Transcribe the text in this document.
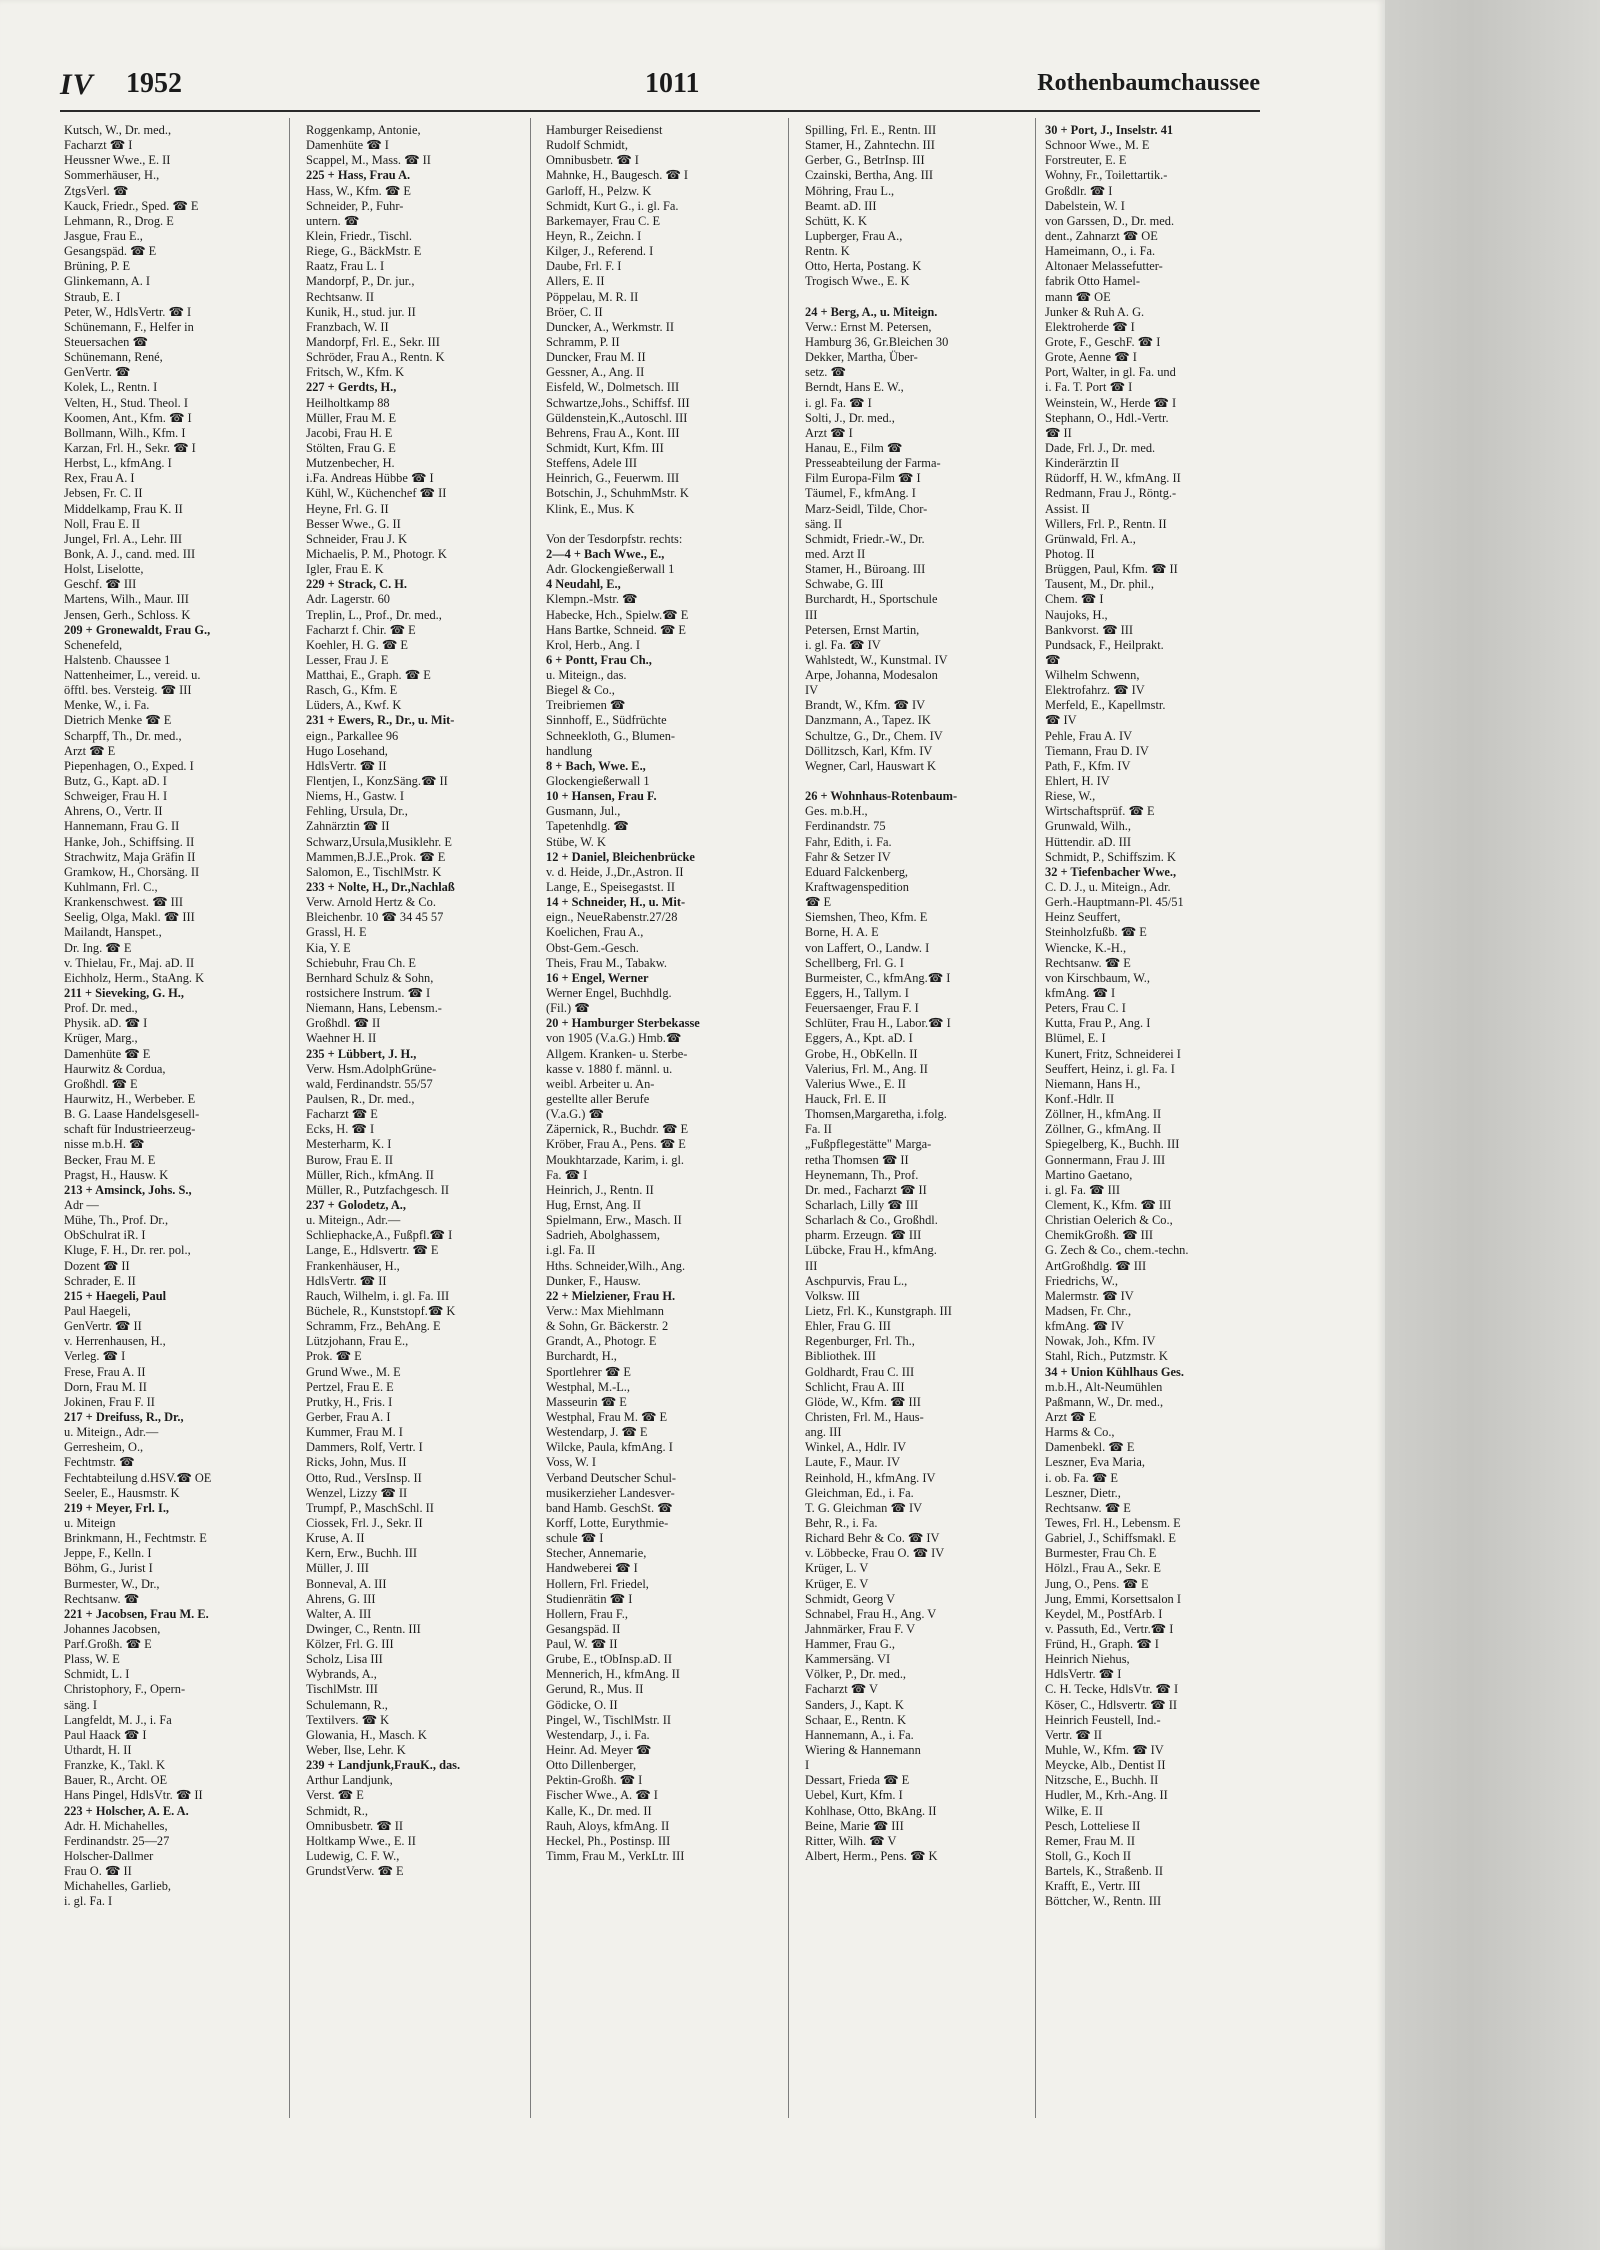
IV 1952	1011	Rothenbaumchaussee
Kutsch, W., Dr. med.,
Facharzt ☎ I
Heussner Wwe., E. II
Sommerhäuser, H.,
ZtgsVerl. ☎
Kauck, Friedr., Sped. ☎ E
Lehmann, R., Drog. E
Jasgue, Frau E.,
Gesangspäd. ☎ E
Brüning, P. E
Glinkemann, A. I
Straub, E. I
Peter, W., HdlsVertr. ☎ I
Schünemann, F., Helfer in
Steuersachen ☎
Schünemann, René,
GenVertr. ☎
Kolek, L., Rentn. I
Velten, H., Stud. Theol. I
Koomen, Ant., Kfm. ☎ I
Bollmann, Wilh., Kfm. I
Karzan, Frl. H., Sekr. ☎ I
Herbst, L., kfmAng. I
Rex, Frau A. I
Jebsen, Fr. C. II
Middelkamp, Frau K. II
Noll, Frau E. II
Jungel, Frl. A., Lehr. III
Bonk, A. J., cand. med. III
Holst, Liselotte,
Geschf. ☎ III
Martens, Wilh., Maur. III
Jensen, Gerh., Schloss. K
209 + Gronewaldt, Frau G.,
Schenefeld,
Halstenb. Chaussee 1
Nattenheimer, L., vereid. u.
öfftl. bes. Versteig. ☎ III
Menke, W., i. Fa.
Dietrich Menke ☎ E
Scharpff, Th., Dr. med.,
Arzt ☎ E
Piepenhagen, O., Exped. I
Butz, G., Kapt. aD. I
Schweiger, Frau H. I
Ahrens, O., Vertr. II
Hannemann, Frau G. II
Hanke, Joh., Schiffsing. II
Strachwitz, Maja Gräfin II
Gramkow, H., Chorsäng. II
Kuhlmann, Frl. C.,
Krankenschwest. ☎ III
Seelig, Olga, Makl. ☎ III
Mailandt, Hanspet.,
Dr. Ing. ☎ E
v. Thielau, Fr., Maj. aD. II
Eichholz, Herm., StaAng. K
211 + Sieveking, G. H.,
Prof. Dr. med.,
Physik. aD. ☎ I
Krüger, Marg.,
Damenhüte ☎ E
Haurwitz & Cordua,
Großhdl. ☎ E
Haurwitz, H., Werbeber. E
B. G. Laase Handelsgesell-
schaft für Industrieerzeug-
nisse m.b.H. ☎
Becker, Frau M. E
Pragst, H., Hausw. K
213 + Amsinck, Johs. S.,
Adr —
Mühe, Th., Prof. Dr.,
ObSchulrat iR. I
Kluge, F. H., Dr. rer. pol.,
Dozent ☎ II
Schrader, E. II
215 + Haegeli, Paul
Paul Haegeli,
GenVertr. ☎ II
v. Herrenhausen, H.,
Verleg. ☎ I
Frese, Frau A. II
Dorn, Frau M. II
Jokinen, Frau F. II
217 + Dreifuss, R., Dr.,
u. Miteign., Adr.—
Gerresheim, O.,
Fechtmstr. ☎
Fechtabteilung d.HSV.☎ OE
Seeler, E., Hausmstr. K
219 + Meyer, Frl. I.,
u. Miteign
Brinkmann, H., Fechtmstr. E
Jeppe, F., Kelln. I
Böhm, G., Jurist I
Burmester, W., Dr.,
Rechtsanw. ☎
221 + Jacobsen, Frau M. E.
Johannes Jacobsen,
Parf.Großh. ☎ E
Plass, W. E
Schmidt, L. I
Christophory, F., Opern-
säng. I
Langfeldt, M. J., i. Fa
Paul Haack ☎ I
Uthardt, H. II
Franzke, K., Takl. K
Bauer, R., Archt. OE
Hans Pingel, HdlsVtr. ☎ II
223 + Holscher, A. E. A.
Adr. H. Michahelles,
Ferdinandstr. 25—27
Holscher-Dallmer
Frau O. ☎ II
Michahelles, Garlieb,
i. gl. Fa. I
Roggenkamp, Antonie,
Damenhüte ☎ I
Scappel, M., Mass. ☎ II
225 + Hass, Frau A.
Hass, W., Kfm. ☎ E
Schneider, P., Fuhr-
untern. ☎
Klein, Friedr., Tischl.
Riege, G., BäckMstr. E
Raatz, Frau L. I
Mandorpf, P., Dr. jur.,
Rechtsanw. II
Kunik, H., stud. jur. II
Franzbach, W. II
Mandorpf, Frl. E., Sekr. III
Schröder, Frau A., Rentn. K
Fritsch, W., Kfm. K
227 + Gerdts, H.,
Heilholtkamp 88
Müller, Frau M. E
Jacobi, Frau H. E
Stölten, Frau G. E
Mutzenbecher, H.
i.Fa. Andreas Hübbe ☎ I
Kühl, W., Küchenchef ☎ II
Heyne, Frl. G. II
Besser Wwe., G. II
Schneider, Frau J. K
Michaelis, P. M., Photogr. K
Igler, Frau E. K
229 + Strack, C. H.
Adr. Lagerstr. 60
Treplin, L., Prof., Dr. med.,
Facharzt f. Chir. ☎ E
Koehler, H. G. ☎ E
Lesser, Frau J. E
Matthai, E., Graph. ☎ E
Rasch, G., Kfm. E
Lüders, A., Kwf. K
231 + Ewers, R., Dr., u. Mit-
eign., Parkallee 96
Hugo Losehand,
HdlsVertr. ☎ II
Flentjen, I., KonzSäng.☎ II
Niems, H., Gastw. I
Fehling, Ursula, Dr.,
Zahnärztin ☎ II
Schwarz,Ursula,Musiklehr. E
Mammen,B.J.E.,Prok. ☎ E
Salomon, E., TischlMstr. K
233 + Nolte, H., Dr.,Nachlaß
Verw. Arnold Hertz & Co.
Bleichenbr. 10 ☎ 34 45 57
Grassl, H. E
Kia, Y. E
Schiebuhr, Frau Ch. E
Bernhard Schulz & Sohn,
rostsichere Instrum. ☎ I
Niemann, Hans, Lebensm.-
Großhdl. ☎ II
Waehner H. II
235 + Lübbert, J. H.,
Verw. Hsm.AdolphGrüne-
wald, Ferdinandstr. 55/57
Paulsen, R., Dr. med.,
Facharzt ☎ E
Ecks, H. ☎ I
Mesterharm, K. I
Burow, Frau E. II
Müller, Rich., kfmAng. II
Müller, R., Putzfachgesch. II
237 + Golodetz, A.,
u. Miteign., Adr.—
Schliephacke,A., Fußpfl.☎ I
Lange, E., Hdlsvertr. ☎ E
Frankenhäuser, H.,
HdlsVertr. ☎ II
Rauch, Wilhelm, i. gl. Fa. III
Büchele, R., Kunststopf.☎ K
Schramm, Frz., BehAng. E
Lützjohann, Frau E.,
Prok. ☎ E
Grund Wwe., M. E
Pertzel, Frau E. E
Prutky, H., Fris. I
Gerber, Frau A. I
Kummer, Frau M. I
Dammers, Rolf, Vertr. I
Ricks, John, Mus. II
Otto, Rud., VersInsp. II
Wenzel, Lizzy ☎ II
Trumpf, P., MaschSchl. II
Ciossek, Frl. J., Sekr. II
Kruse, A. II
Kern, Erw., Buchh. III
Müller, J. III
Bonneval, A. III
Ahrens, G. III
Walter, A. III
Dwinger, C., Rentn. III
Kölzer, Frl. G. III
Scholz, Lisa III
Wybrands, A.,
TischlMstr. III
Schulemann, R.,
Textilvers. ☎ K
Glowania, H., Masch. K
Weber, Ilse, Lehr. K
239 + Landjunk,FrauK., das.
Arthur Landjunk,
Verst. ☎ E
Schmidt, R.,
Omnibusbetr. ☎ II
Holtkamp Wwe., E. II
Ludewig, C. F. W.,
GrundstVerw. ☎ E
Hamburger Reisedienst
Rudolf Schmidt,
Omnibusbetr. ☎ I
Mahnke, H., Baugesch. ☎ I
Garloff, H., Pelzw. K
Schmidt, Kurt G., i. gl. Fa.
Barkemayer, Frau C. E
Heyn, R., Zeichn. I
Kilger, J., Referend. I
Daube, Frl. F. I
Allers, E. II
Pöppelau, M. R. II
Bröer, C. II
Duncker, A., Werkmstr. II
Schramm, P. II
Duncker, Frau M. II
Gessner, A., Ang. II
Eisfeld, W., Dolmetsch. III
Schwartze,Johs., Schiffsf. III
Güldenstein,K.,Autoschl. III
Behrens, Frau A., Kont. III
Schmidt, Kurt, Kfm. III
Steffens, Adele III
Heinrich, G., Feuerwm. III
Botschin, J., SchuhmMstr. K
Klink, E., Mus. K

Von der Tesdorpfstr. rechts:
2—4 + Bach Wwe., E.,
Adr. Glockengießerwall 1
4 Neudahl, E.,
Klempn.-Mstr. ☎
Habecke, Hch., Spielw.☎ E
Hans Bartke, Schneid. ☎ E
Krol, Herb., Ang. I
6 + Pontt, Frau Ch.,
u. Miteign., das.
Biegel & Co.,
Treibriemen ☎
Sinnhoff, E., Südfrüchte
Schneekloth, G., Blumen-
handlung
8 + Bach, Wwe. E.,
Glockengießerwall 1
10 + Hansen, Frau F.
Gusmann, Jul.,
Tapetenhdlg. ☎
Stübe, W. K
12 + Daniel, Bleichenbrücke
v. d. Heide, J.,Dr.,Astron. II
Lange, E., Speisegastst. II
14 + Schneider, H., u. Mit-
eign., NeueRabenstr.27/28
Koelichen, Frau A.,
Obst-Gem.-Gesch.
Theis, Frau M., Tabakw.
16 + Engel, Werner
Werner Engel, Buchhdlg.
(Fil.) ☎
20 + Hamburger Sterbekasse
von 1905 (V.a.G.) Hmb.☎
Allgem. Kranken- u. Sterbe-
kasse v. 1880 f. männl. u.
weibl. Arbeiter u. An-
gestellte aller Berufe
(V.a.G.) ☎
Zäpernick, R., Buchdr. ☎ E
Kröber, Frau A., Pens. ☎ E
Moukhtarzade, Karim, i. gl.
Fa. ☎ I
Heinrich, J., Rentn. II
Hug, Ernst, Ang. II
Spielmann, Erw., Masch. II
Sadrieh, Abolghassem,
i.gl. Fa. II
Hths. Schneider,Wilh., Ang.
Dunker, F., Hausw.
22 + Mielziener, Frau H.
Verw.: Max Miehlmann
& Sohn, Gr. Bäckerstr. 2
Grandt, A., Photogr. E
Burchardt, H.,
Sportlehrer ☎ E
Westphal, M.-L.,
Masseurin ☎ E
Westphal, Frau M. ☎ E
Westendarp, J. ☎ E
Wilcke, Paula, kfmAng. I
Voss, W. I
Verband Deutscher Schul-
musikerzieher Landesver-
band Hamb. GeschSt. ☎
Korff, Lotte, Eurythmie-
schule ☎ I
Stecher, Annemarie,
Handweberei ☎ I
Hollern, Frl. Friedel,
Studienrätin ☎ I
Hollern, Frau F.,
Gesangspäd. II
Paul, W. ☎ II
Grube, E., tObInsp.aD. II
Mennerich, H., kfmAng. II
Gerund, R., Mus. II
Gödicke, O. II
Pingel, W., TischlMstr. II
Westendarp, J., i. Fa.
Heinr. Ad. Meyer ☎
Otto Dillenberger,
Pektin-Großh. ☎ I
Fischer Wwe., A. ☎ I
Kalle, K., Dr. med. II
Rauh, Aloys, kfmAng. II
Heckel, Ph., Postinsp. III
Timm, Frau M., VerkLtr. III
Spilling, Frl. E., Rentn. III
Stamer, H., Zahntechn. III
Gerber, G., BetrInsp. III
Czainski, Bertha, Ang. III
Möhring, Frau L.,
Beamt. aD. III
Schütt, K. K
Lupberger, Frau A.,
Rentn. K
Otto, Herta, Postang. K
Trogisch Wwe., E. K

24 + Berg, A., u. Miteign.
Verw.: Ernst M. Petersen,
Hamburg 36, Gr.Bleichen 30
Dekker, Martha, Über-
setz. ☎
Berndt, Hans E. W.,
i. gl. Fa. ☎ I
Solti, J., Dr. med.,
Arzt ☎ I
Hanau, E., Film ☎
Presseabteilung der Farma-
Film Europa-Film ☎ I
Täumel, F., kfmAng. I
Marz-Seidl, Tilde, Chor-
säng. II
Schmidt, Friedr.-W., Dr.
med. Arzt II
Stamer, H., Büroang. III
Schwabe, G. III
Burchardt, H., Sportschule
III
Petersen, Ernst Martin,
i. gl. Fa. ☎ IV
Wahlstedt, W., Kunstmal. IV
Arpe, Johanna, Modesalon
IV
Brandt, W., Kfm. ☎ IV
Danzmann, A., Tapez. IK
Schultze, G., Dr., Chem. IV
Döllitzsch, Karl, Kfm. IV
Wegner, Carl, Hauswart K

26 + Wohnhaus-Rotenbaum-
Ges. m.b.H.,
Ferdinandstr. 75
Fahr, Edith, i. Fa.
Fahr & Setzer IV
Eduard Falckenberg,
Kraftwagenspedition
☎ E
Siemshen, Theo, Kfm. E
Borne, H. A. E
von Laffert, O., Landw. I
Schellberg, Frl. G. I
Burmeister, C., kfmAng.☎ I
Eggers, H., Tallym. I
Feuersaenger, Frau F. I
Schlüter, Frau H., Labor.☎ I
Eggers, A., Kpt. aD. I
Grobe, H., ObKelln. II
Valerius, Frl. M., Ang. II
Valerius Wwe., E. II
Hauck, Frl. E. II
Thomsen,Margaretha, i.folg.
Fa. II
„Fußpflegestätte" Marga-
retha Thomsen ☎ II
Heynemann, Th., Prof.
Dr. med., Facharzt ☎ II
Scharlach, Lilly ☎ III
Scharlach & Co., Großhdl.
pharm. Erzeugn. ☎ III
Lübcke, Frau H., kfmAng.
III
Aschpurvis, Frau L.,
Volksw. III
Lietz, Frl. K., Kunstgraph. III
Ehler, Frau G. III
Regenburger, Frl. Th.,
Bibliothek. III
Goldhardt, Frau C. III
Schlicht, Frau A. III
Glöde, W., Kfm. ☎ III
Christen, Frl. M., Haus-
ang. III
Winkel, A., Hdlr. IV
Laute, F., Maur. IV
Reinhold, H., kfmAng. IV
Gleichman, Ed., i. Fa.
T. G. Gleichman ☎ IV
Behr, R., i. Fa.
Richard Behr & Co. ☎ IV
v. Löbbecke, Frau O. ☎ IV
Krüger, L. V
Krüger, E. V
Schmidt, Georg V
Schnabel, Frau H., Ang. V
Jahnmärker, Frau F. V
Hammer, Frau G.,
Kammersäng. VI
Völker, P., Dr. med.,
Facharzt ☎ V
Sanders, J., Kapt. K
Schaar, E., Rentn. K
Hannemann, A., i. Fa.
Wiering & Hannemann
I
Dessart, Frieda ☎ E
Uebel, Kurt, Kfm. I
Kohlhase, Otto, BkAng. II
Beine, Marie ☎ III
Ritter, Wilh. ☎ V
Albert, Herm., Pens. ☎ K
30 + Port, J., Inselstr. 41
Schnoor Wwe., M. E
Forstreuter, E. E
Wohny, Fr., Toilettartik.-
Großdlr. ☎ I
Dabelstein, W. I
von Garssen, D., Dr. med.
dent., Zahnarzt ☎ OE
Hameimann, O., i. Fa.
Altonaer Melassefutter-
fabrik Otto Hamel-
mann ☎ OE
Junker & Ruh A. G.
Elektroherde ☎ I
Grote, F., GeschF. ☎ I
Grote, Aenne ☎ I
Port, Walter, in gl. Fa. und
i. Fa. T. Port ☎ I
Weinstein, W., Herde ☎ I
Stephann, O., Hdl.-Vertr.
☎ II
Dade, Frl. J., Dr. med.
Kinderärztin II
Rüdorff, H. W., kfmAng. II
Redmann, Frau J., Röntg.-
Assist. II
Willers, Frl. P., Rentn. II
Grünwald, Frl. A.,
Photog. II
Brüggen, Paul, Kfm. ☎ II
Tausent, M., Dr. phil.,
Chem. ☎ I
Naujoks, H.,
Bankvorst. ☎ III
Pundsack, F., Heilprakt.
☎
Wilhelm Schwenn,
Elektrofahrz. ☎ IV
Merfeld, E., Kapellmstr.
☎ IV
Pehle, Frau A. IV
Tiemann, Frau D. IV
Path, F., Kfm. IV
Ehlert, H. IV
Riese, W.,
Wirtschaftsprüf. ☎ E
Grunwald, Wilh.,
Hüttendir. aD. III
Schmidt, P., Schiffszim. K
32 + Tiefenbacher Wwe.,
C. D. J., u. Miteign., Adr.
Gerh.-Hauptmann-Pl. 45/51
Heinz Seuffert,
Steinholzfußb. ☎ E
Wiencke, K.-H.,
Rechtsanw. ☎ E
von Kirschbaum, W.,
kfmAng. ☎ I
Peters, Frau C. I
Kutta, Frau P., Ang. I
Blümel, E. I
Kunert, Fritz, Schneiderei I
Seuffert, Heinz, i. gl. Fa. I
Niemann, Hans H.,
Konf.-Hdlr. II
Zöllner, H., kfmAng. II
Zöllner, G., kfmAng. II
Spiegelberg, K., Buchh. III
Gonnermann, Frau J. III
Martino Gaetano,
i. gl. Fa. ☎ III
Clement, K., Kfm. ☎ III
Christian Oelerich & Co.,
ChemikGroßh. ☎ III
G. Zech & Co., chem.-techn.
ArtGroßhdlg. ☎ III
Friedrichs, W.,
Malermstr. ☎ IV
Madsen, Fr. Chr.,
kfmAng. ☎ IV
Nowak, Joh., Kfm. IV
Stahl, Rich., Putzmstr. K
34 + Union Kühlhaus Ges.
m.b.H., Alt-Neumühlen
Paßmann, W., Dr. med.,
Arzt ☎ E
Harms & Co.,
Damenbekl. ☎ E
Leszner, Eva Maria,
i. ob. Fa. ☎ E
Leszner, Dietr.,
Rechtsanw. ☎ E
Tewes, Frl. H., Lebensm. E
Gabriel, J., Schiffsmakl. E
Burmester, Frau Ch. E
Hölzl., Frau A., Sekr. E
Jung, O., Pens. ☎ E
Jung, Emmi, Korsettsalon I
Keydel, M., PostfArb. I
v. Passuth, Ed., Vertr.☎ I
Fründ, H., Graph. ☎ I
Heinrich Niehus,
HdlsVertr. ☎ I
C. H. Tecke, HdlsVtr. ☎ I
Köser, C., Hdlsvertr. ☎ II
Heinrich Feustell, Ind.-
Vertr. ☎ II
Muhle, W., Kfm. ☎ IV
Meycke, Alb., Dentist II
Nitzsche, E., Buchh. II
Hudler, M., Krh.-Ang. II
Wilke, E. II
Pesch, Lotteliese II
Remer, Frau M. II
Stoll, G., Koch II
Bartels, K., Straßenb. II
Krafft, E., Vertr. III
Böttcher, W., Rentn. III
